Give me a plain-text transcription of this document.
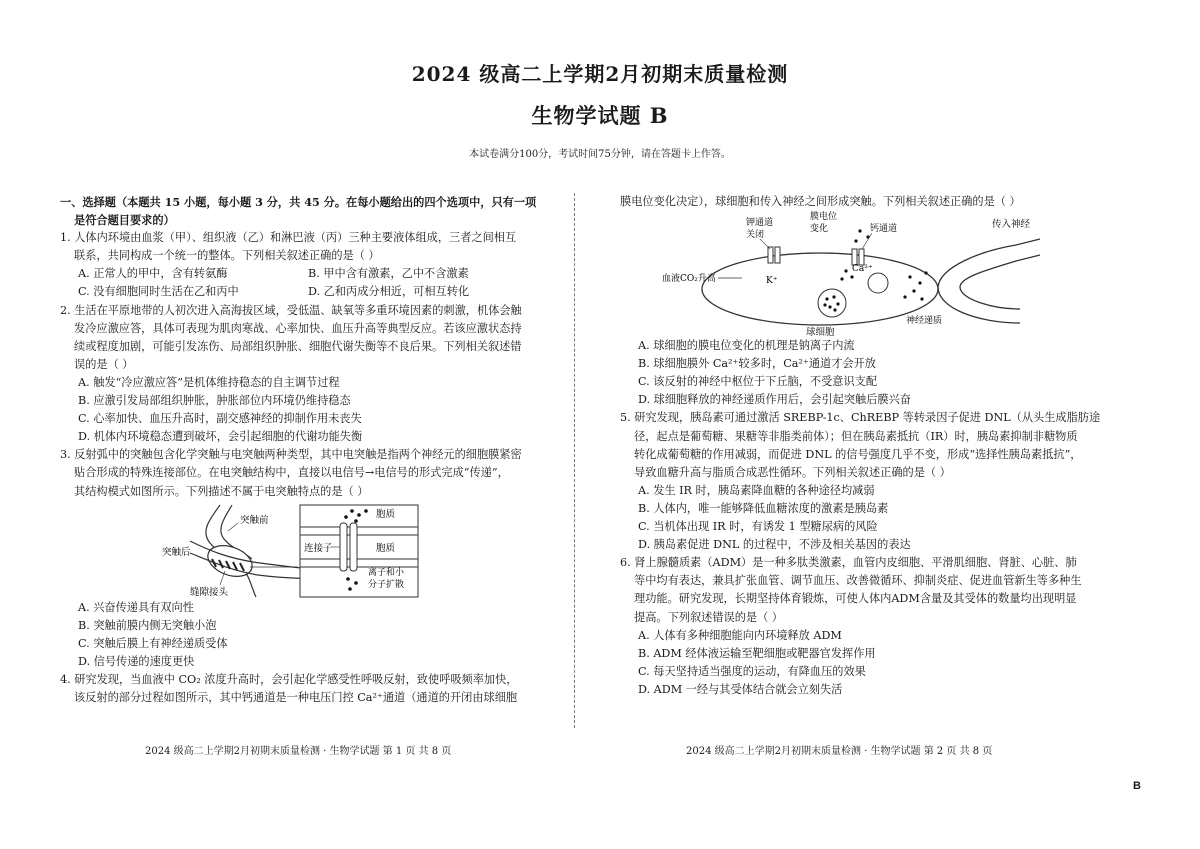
2024 级高二上学期2月初期末质量检测
生物学试题 B
本试卷满分100分，考试时间75分钟，请在答题卡上作答。

一、选择题（本题共 15 小题，每小题 3 分，共 45 分。在每小题给出的四个选项中，只有一项

是符合题目要求的）

1. 人体内环境由血浆（甲）、组织液（乙）和淋巴液（丙）三种主要液体组成，三者之间相互

联系，共同构成一个统一的整体。下列相关叙述正确的是（ ）

A. 正常人的甲中，含有转氨酶	B. 甲中含有激素，乙中不含激素
C. 没有细胞同时生活在乙和丙中	D. 乙和丙成分相近，可相互转化

2. 生活在平原地带的人初次进入高海拔区域，受低温、缺氧等多重环境因素的刺激，机体会触

发冷应激应答，具体可表现为肌肉寒战、心率加快、血压升高等典型反应。若该应激状态持

续或程度加剧，可能引发冻伤、局部组织肿胀、细胞代谢失衡等不良后果。下列相关叙述错

误的是（ ）

A. 触发“冷应激应答”是机体维持稳态的自主调节过程

B. 应激引发局部组织肿胀，肿胀部位内环境仍维持稳态

C. 心率加快、血压升高时，副交感神经的抑制作用未丧失

D. 机体内环境稳态遭到破坏，会引起细胞的代谢功能失衡

3. 反射弧中的突触包含化学突触与电突触两种类型，其中电突触是指两个神经元的细胞膜紧密

贴合形成的特殊连接部位。在电突触结构中，直接以电信号→电信号的形式完成“传递”，

其结构模式如图所示。下列描述不属于电突触特点的是（ ）

突触前
突触后
缝隙接头
胞质
胞质
连接子
离子和小
分子扩散

A. 兴奋传递具有双向性

B. 突触前膜内侧无突触小泡

C. 突触后膜上有神经递质受体

D. 信号传递的速度更快

4. 研究发现，当血液中 CO₂ 浓度升高时，会引起化学感受性呼吸反射，致使呼吸频率加快，

该反射的部分过程如图所示，其中钙通道是一种电压门控 Ca²⁺通道（通道的开闭由球细胞

膜电位变化决定），球细胞和传入神经之间形成突触。下列相关叙述正确的是（ ）

钾通道
关闭
膜电位
变化	钙通道	传入神经
血液CO₂升高	K⁺
Ca²⁺
球细胞
神经递质

A. 球细胞的膜电位变化的机理是钠离子内流

B. 球细胞膜外 Ca²⁺较多时，Ca²⁺通道才会开放

C. 该反射的神经中枢位于下丘脑，不受意识支配

D. 球细胞释放的神经递质作用后，会引起突触后膜兴奋

5. 研究发现，胰岛素可通过激活 SREBP-1c、ChREBP 等转录因子促进 DNL（从头生成脂肪途

径，起点是葡萄糖、果糖等非脂类前体）；但在胰岛素抵抗（IR）时，胰岛素抑制非糖物质

转化成葡萄糖的作用减弱，而促进 DNL 的信号强度几乎不变，形成“选择性胰岛素抵抗”，

导致血糖升高与脂质合成恶性循环。下列相关叙述正确的是（ ）

A. 发生 IR 时，胰岛素降血糖的各种途径均减弱

B. 人体内，唯一能够降低血糖浓度的激素是胰岛素

C. 当机体出现 IR 时，有诱发 1 型糖尿病的风险

D. 胰岛素促进 DNL 的过程中，不涉及相关基因的表达

6. 肾上腺髓质素（ADM）是一种多肽类激素，血管内皮细胞、平滑肌细胞、肾脏、心脏、肺

等中均有表达，兼具扩张血管、调节血压、改善微循环、抑制炎症、促进血管新生等多种生

理功能。研究发现，长期坚持体育锻炼，可使人体内ADM含量及其受体的数量均出现明显

提高。下列叙述错误的是（ ）

A. 人体有多种细胞能向内环境释放 ADM

B. ADM 经体液运输至靶细胞或靶器官发挥作用

C. 每天坚持适当强度的运动，有降血压的效果

D. ADM 一经与其受体结合就会立刻失活

2024 级高二上学期2月初期末质量检测 · 生物学试题 第 1 页 共 8 页	2024 级高二上学期2月初期末质量检测 · 生物学试题 第 2 页 共 8 页
B
